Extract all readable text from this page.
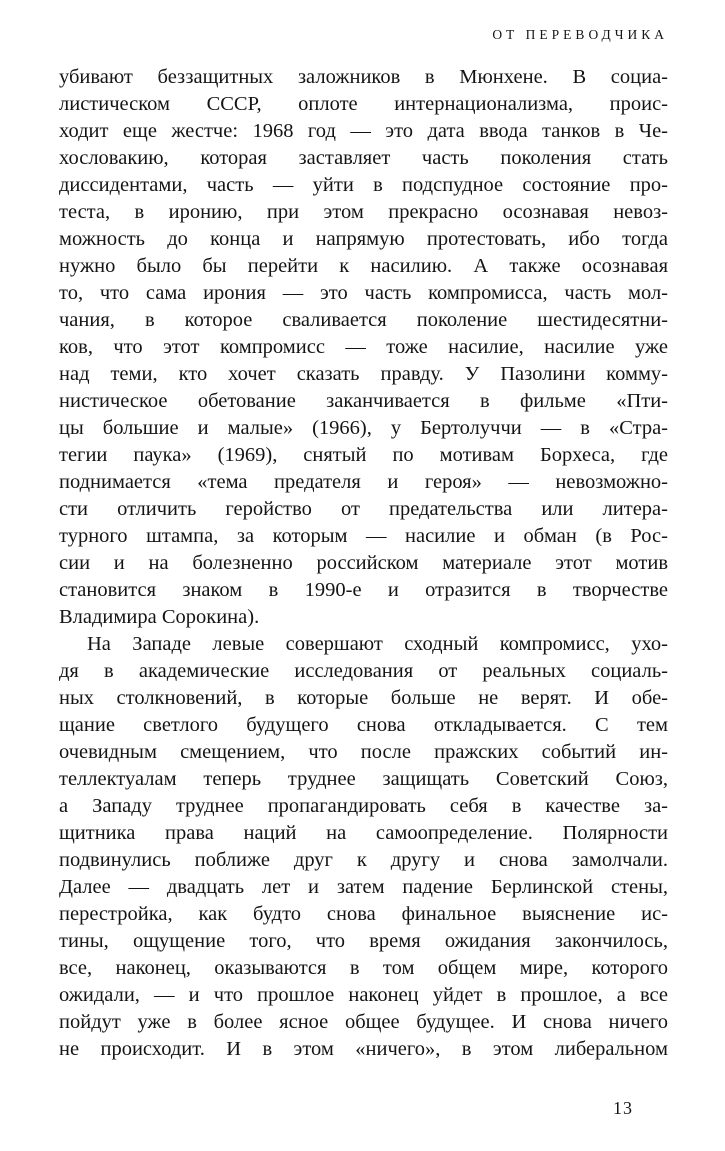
ОТ ПЕРЕВОДЧИКА
убивают беззащитных заложников в Мюнхене. В социа-
листическом СССР, оплоте интернационализма, проис-
ходит еще жестче: 1968 год — это дата ввода танков в Че-
хословакию, которая заставляет часть поколения стать
диссидентами, часть — уйти в подспудное состояние про-
теста, в иронию, при этом прекрасно осознавая невоз-
можность до конца и напрямую протестовать, ибо тогда
нужно было бы перейти к насилию. А также осознавая
то, что сама ирония — это часть компромисса, часть мол-
чания, в которое сваливается поколение шестидесятни-
ков, что этот компромисс — тоже насилие, насилие уже
над теми, кто хочет сказать правду. У Пазолини комму-
нистическое обетование заканчивается в фильме «Пти-
цы большие и малые» (1966), у Бертолуччи — в «Стра-
тегии паука» (1969), снятый по мотивам Борхеса, где
поднимается «тема предателя и героя» — невозможно-
сти отличить геройство от предательства или литера-
турного штампа, за которым — насилие и обман (в Рос-
сии и на болезненно российском материале этот мотив
становится знаком в 1990-е и отразится в творчестве
Владимира Сорокина).
На Западе левые совершают сходный компромисс, ухо-
дя в академические исследования от реальных социаль-
ных столкновений, в которые больше не верят. И обе-
щание светлого будущего снова откладывается. С тем
очевидным смещением, что после пражских событий ин-
теллектуалам теперь труднее защищать Советский Союз,
а Западу труднее пропагандировать себя в качестве за-
щитника права наций на самоопределение. Полярности
подвинулись поближе друг к другу и снова замолчали.
Далее — двадцать лет и затем падение Берлинской стены,
перестройка, как будто снова финальное выяснение ис-
тины, ощущение того, что время ожидания закончилось,
все, наконец, оказываются в том общем мире, которого
ожидали, — и что прошлое наконец уйдет в прошлое, а все
пойдут уже в более ясное общее будущее. И снова ничего
не происходит. И в этом «ничего», в этом либеральном
13
